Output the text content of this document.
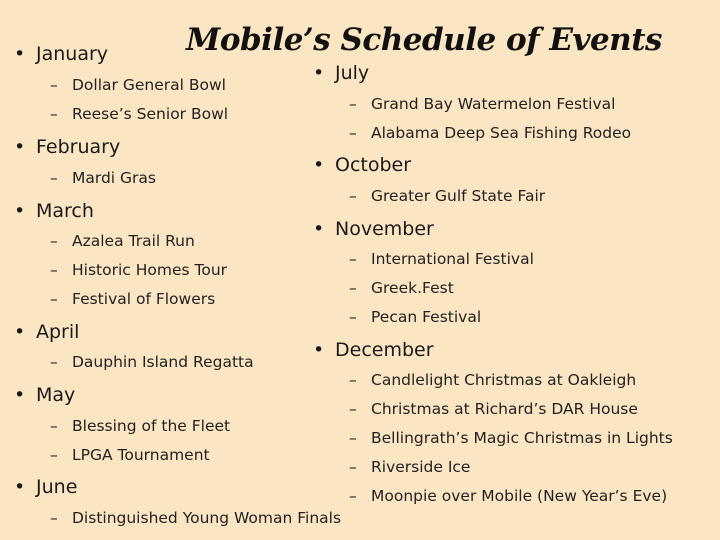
Mobile’s Schedule of Events
• January
– Dollar General Bowl
– Reese’s Senior Bowl
• February
– Mardi Gras
• March
– Azalea Trail Run
– Historic Homes Tour
– Festival of Flowers
• April
– Dauphin Island Regatta
• May
– Blessing of the Fleet
– LPGA Tournament
• June
– Distinguished Young Woman Finals
• July
– Grand Bay Watermelon Festival
– Alabama Deep Sea Fishing Rodeo
• October
– Greater Gulf State Fair
• November
– International Festival
– Greek.Fest
– Pecan Festival
• December
– Candlelight Christmas at Oakleigh
– Christmas at Richard’s DAR House
– Bellingrath’s Magic Christmas in Lights
– Riverside Ice
– Moonpie over Mobile (New Year’s Eve)
